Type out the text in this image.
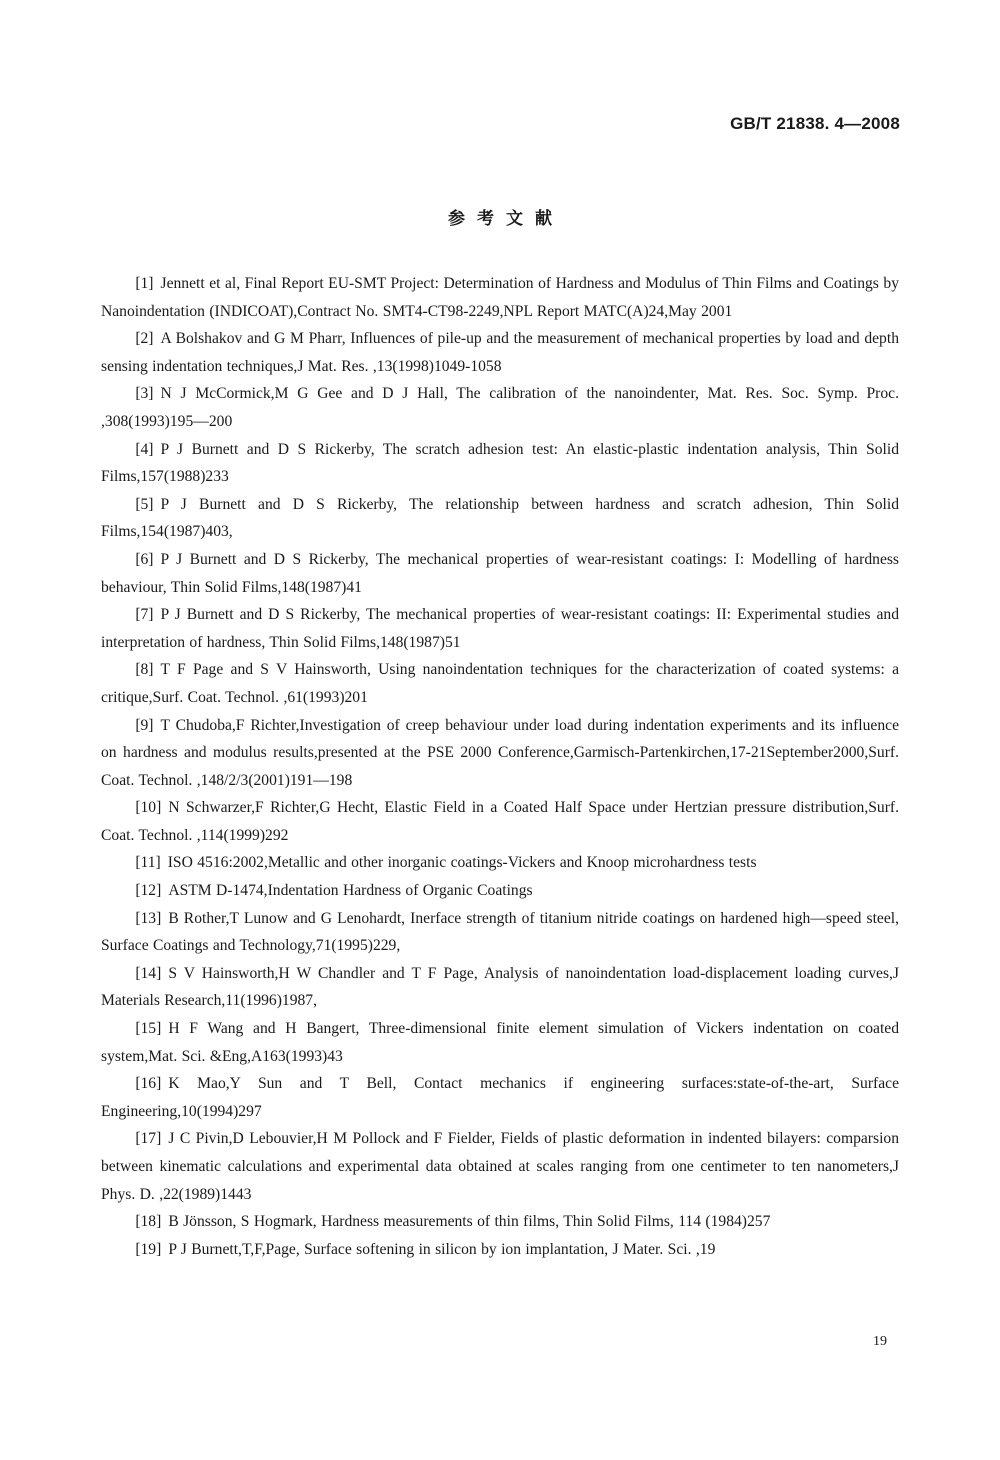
GB/T 21838. 4—2008
参考文献

[1] Jennett et al, Final Report EU-SMT Project: Determination of Hardness and Modulus of Thin Films and Coatings by Nanoindentation (INDICOAT),Contract No. SMT4-CT98-2249,NPL Report MATC(A)24,May 2001

[2] A Bolshakov and G M Pharr, Influences of pile-up and the measurement of mechanical properties by load and depth sensing indentation techniques,J Mat. Res. ,13(1998)1049-1058

[3] N J McCormick,M G Gee and D J Hall, The calibration of the nanoindenter, Mat. Res. Soc. Symp. Proc. ,308(1993)195—200

[4] P J Burnett and D S Rickerby, The scratch adhesion test: An elastic-plastic indentation analysis, Thin Solid Films,157(1988)233

[5] P J Burnett and D S Rickerby, The relationship between hardness and scratch adhesion, Thin Solid Films,154(1987)403,

[6] P J Burnett and D S Rickerby, The mechanical properties of wear-resistant coatings: I: Modelling of hardness behaviour, Thin Solid Films,148(1987)41

[7] P J Burnett and D S Rickerby, The mechanical properties of wear-resistant coatings: II: Experimental studies and interpretation of hardness, Thin Solid Films,148(1987)51

[8] T F Page and S V Hainsworth, Using nanoindentation techniques for the characterization of coated systems: a critique,Surf. Coat. Technol. ,61(1993)201

[9] T Chudoba,F Richter,Investigation of creep behaviour under load during indentation experiments and its influence on hardness and modulus results,presented at the PSE 2000 Conference,Garmisch-Partenkirchen,17-21September2000,Surf. Coat. Technol. ,148/2/3(2001)191—198

[10] N Schwarzer,F Richter,G Hecht, Elastic Field in a Coated Half Space under Hertzian pressure distribution,Surf. Coat. Technol. ,114(1999)292

[11] ISO 4516:2002,Metallic and other inorganic coatings-Vickers and Knoop microhardness tests

[12] ASTM D-1474,Indentation Hardness of Organic Coatings

[13] B Rother,T Lunow and G Lenohardt, Inerface strength of titanium nitride coatings on hardened high—speed steel, Surface Coatings and Technology,71(1995)229,

[14] S V Hainsworth,H W Chandler and T F Page, Analysis of nanoindentation load-displacement loading curves,J Materials Research,11(1996)1987,

[15] H F Wang and H Bangert, Three-dimensional finite element simulation of Vickers indentation on coated system,Mat. Sci. &Eng,A163(1993)43

[16] K Mao,Y Sun and T Bell, Contact mechanics if engineering surfaces:state-of-the-art, Surface Engineering,10(1994)297

[17] J C Pivin,D Lebouvier,H M Pollock and F Fielder, Fields of plastic deformation in indented bilayers: comparsion between kinematic calculations and experimental data obtained at scales ranging from one centimeter to ten nanometers,J Phys. D. ,22(1989)1443

[18] B Jönsson, S Hogmark, Hardness measurements of thin films, Thin Solid Films, 114 (1984)257

[19] P J Burnett,T,F,Page, Surface softening in silicon by ion implantation, J Mater. Sci. ,19

19
